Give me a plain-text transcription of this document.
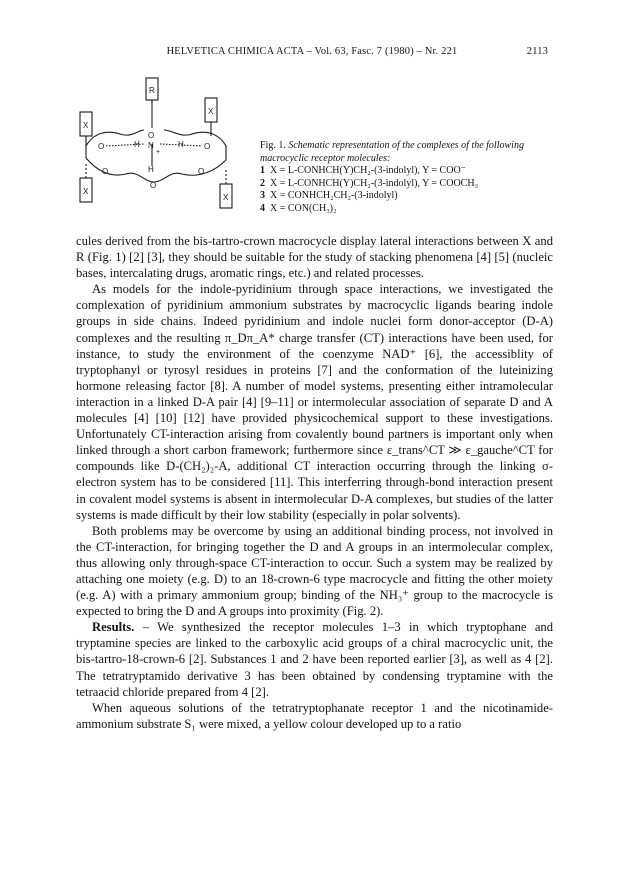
HELVETICA CHIMICA ACTA – Vol. 63, Fasc. 7 (1980) – Nr. 221	2113
R
X
X
X
X
N
+
H	H
H
O
O
O
O
O
O
Fig. 1. Schematic representation of the complexes of the following macrocyclic receptor molecules:
1 X = L-CONHCH(Y)CH₂-(3-indolyl), Y = COO⁻
2 X = L-CONHCH(Y)CH₂-(3-indolyl), Y = COOCH₃
3 X = CONHCH₂CH₂-(3-indolyl)
4 X = CON(CH₃)₂

cules derived from the bis-tartro-crown macrocycle display lateral interactions between X and R (Fig. 1) [2] [3], they should be suitable for the study of stacking phenomena [4] [5] (nucleic bases, intercalating drugs, aromatic rings, etc.) and related processes.

As models for the indole-pyridinium through space interactions, we investigated the complexation of pyridinium ammonium substrates by macrocyclic ligands bearing indole groups in side chains. Indeed pyridinium and indole nuclei form donor-acceptor (D-A) complexes and the resulting π_Dπ_A* charge transfer (CT) interactions have been used, for instance, to study the environment of the coenzyme NAD⁺ [6], the accessiblity of tryptophanyl or tyrosyl residues in proteins [7] and the conformation of the luteinizing hormone releasing factor [8]. A number of model systems, presenting either intramolecular interaction in a linked D-A pair [4] [9–11] or intermolecular association of separate D and A molecules [4] [10] [12] have provided physicochemical support to these investigations. Unfortunately CT-interaction arising from covalently bound partners is important only when linked through a short carbon framework; furthermore since ε_trans^CT ≫ ε_gauche^CT for compounds like D-(CH₂)₂-A, additional CT interaction occurring through the linking σ-electron system has to be considered [11]. This interferring through-bond interaction present in covalent model systems is absent in intermolecular D-A complexes, but studies of the latter systems is made difficult by their low stability (especially in polar solvents).

Both problems may be overcome by using an additional binding process, not involved in the CT-interaction, for bringing together the D and A groups in an intermolecular complex, thus allowing only through-space CT-interaction to occur. Such a system may be realized by attaching one moiety (e.g. D) to an 18-crown-6 type macrocycle and fitting the other moiety (e.g. A) with a primary ammonium group; binding of the NH₃⁺ group to the macrocycle is expected to bring the D and A groups into proximity (Fig. 2).

Results. – We synthesized the receptor molecules 1–3 in which tryptophane and tryptamine species are linked to the carboxylic acid groups of a chiral macrocyclic unit, the bis-tartro-18-crown-6 [2]. Substances 1 and 2 have been reported earlier [3], as well as 4 [2]. The tetratryptamido derivative 3 has been obtained by condensing tryptamine with the tetraacid chloride prepared from 4 [2].

When aqueous solutions of the tetratryptophanate receptor 1 and the nicotinamide-ammonium substrate S₁ were mixed, a yellow colour developed up to a ratio
